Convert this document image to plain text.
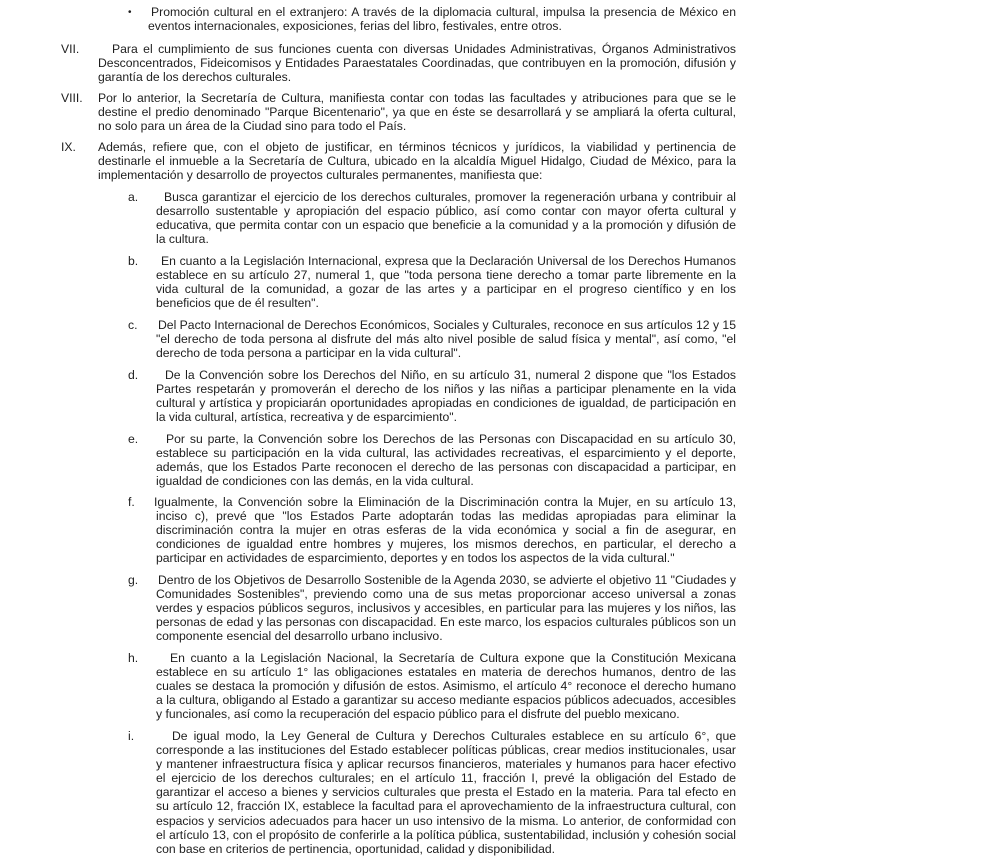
• Promoción cultural en el extranjero: A través de la diplomacia cultural, impulsa la presencia de México en eventos internacionales, exposiciones, ferias del libro, festivales, entre otros.

VII.	Para el cumplimiento de sus funciones cuenta con diversas Unidades Administrativas, Órganos Administrativos Desconcentrados, Fideicomisos y Entidades Paraestatales Coordinadas, que contribuyen en la promoción, difusión y garantía de los derechos culturales.

VIII. Por lo anterior, la Secretaría de Cultura, manifiesta contar con todas las facultades y atribuciones para que se le destine el predio denominado "Parque Bicentenario", ya que en éste se desarrollará y se ampliará la oferta cultural, no solo para un área de la Ciudad sino para todo el País.

IX. Además, refiere que, con el objeto de justificar, en términos técnicos y jurídicos, la viabilidad y pertinencia de destinarle el inmueble a la Secretaría de Cultura, ubicado en la alcaldía Miguel Hidalgo, Ciudad de México, para la implementación y desarrollo de proyectos culturales permanentes, manifiesta que:

a.	Busca garantizar el ejercicio de los derechos culturales, promover la regeneración urbana y contribuir al desarrollo sustentable y apropiación del espacio público, así como contar con mayor oferta cultural y educativa, que permita contar con un espacio que beneficie a la comunidad y a la promoción y difusión de la cultura.

b.	En cuanto a la Legislación Internacional, expresa que la Declaración Universal de los Derechos Humanos establece en su artículo 27, numeral 1, que "toda persona tiene derecho a tomar parte libremente en la vida cultural de la comunidad, a gozar de las artes y a participar en el progreso científico y en los beneficios que de él resulten".

c. Del Pacto Internacional de Derechos Económicos, Sociales y Culturales, reconoce en sus artículos 12 y 15 "el derecho de toda persona al disfrute del más alto nivel posible de salud física y mental", así como, "el derecho de toda persona a participar en la vida cultural".

d.	De la Convención sobre los Derechos del Niño, en su artículo 31, numeral 2 dispone que "los Estados Partes respetarán y promoverán el derecho de los niños y las niñas a participar plenamente en la vida cultural y artística y propiciarán oportunidades apropiadas en condiciones de igualdad, de participación en la vida cultural, artística, recreativa y de esparcimiento".

e.	Por su parte, la Convención sobre los Derechos de las Personas con Discapacidad en su artículo 30, establece su participación en la vida cultural, las actividades recreativas, el esparcimiento y el deporte, además, que los Estados Parte reconocen el derecho de las personas con discapacidad a participar, en igualdad de condiciones con las demás, en la vida cultural.

f. Igualmente, la Convención sobre la Eliminación de la Discriminación contra la Mujer, en su artículo 13, inciso c), prevé que "los Estados Parte adoptarán todas las medidas apropiadas para eliminar la discriminación contra la mujer en otras esferas de la vida económica y social a fin de asegurar, en condiciones de igualdad entre hombres y mujeres, los mismos derechos, en particular, el derecho a participar en actividades de esparcimiento, deportes y en todos los aspectos de la vida cultural."

g. Dentro de los Objetivos de Desarrollo Sostenible de la Agenda 2030, se advierte el objetivo 11 "Ciudades y Comunidades Sostenibles", previendo como una de sus metas proporcionar acceso universal a zonas verdes y espacios públicos seguros, inclusivos y accesibles, en particular para las mujeres y los niños, las personas de edad y las personas con discapacidad. En este marco, los espacios culturales públicos son un componente esencial del desarrollo urbano inclusivo.

h.	En cuanto a la Legislación Nacional, la Secretaría de Cultura expone que la Constitución Mexicana establece en su artículo 1° las obligaciones estatales en materia de derechos humanos, dentro de las cuales se destaca la promoción y difusión de estos. Asimismo, el artículo 4° reconoce el derecho humano a la cultura, obligando al Estado a garantizar su acceso mediante espacios públicos adecuados, accesibles y funcionales, así como la recuperación del espacio público para el disfrute del pueblo mexicano.

i.	De igual modo, la Ley General de Cultura y Derechos Culturales establece en su artículo 6°, que corresponde a las instituciones del Estado establecer políticas públicas, crear medios institucionales, usar y mantener infraestructura física y aplicar recursos financieros, materiales y humanos para hacer efectivo el ejercicio de los derechos culturales; en el artículo 11, fracción I, prevé la obligación del Estado de garantizar el acceso a bienes y servicios culturales que presta el Estado en la materia. Para tal efecto en su artículo 12, fracción IX, establece la facultad para el aprovechamiento de la infraestructura cultural, con espacios y servicios adecuados para hacer un uso intensivo de la misma. Lo anterior, de conformidad con el artículo 13, con el propósito de conferirle a la política pública, sustentabilidad, inclusión y cohesión social con base en criterios de pertinencia, oportunidad, calidad y disponibilidad.
